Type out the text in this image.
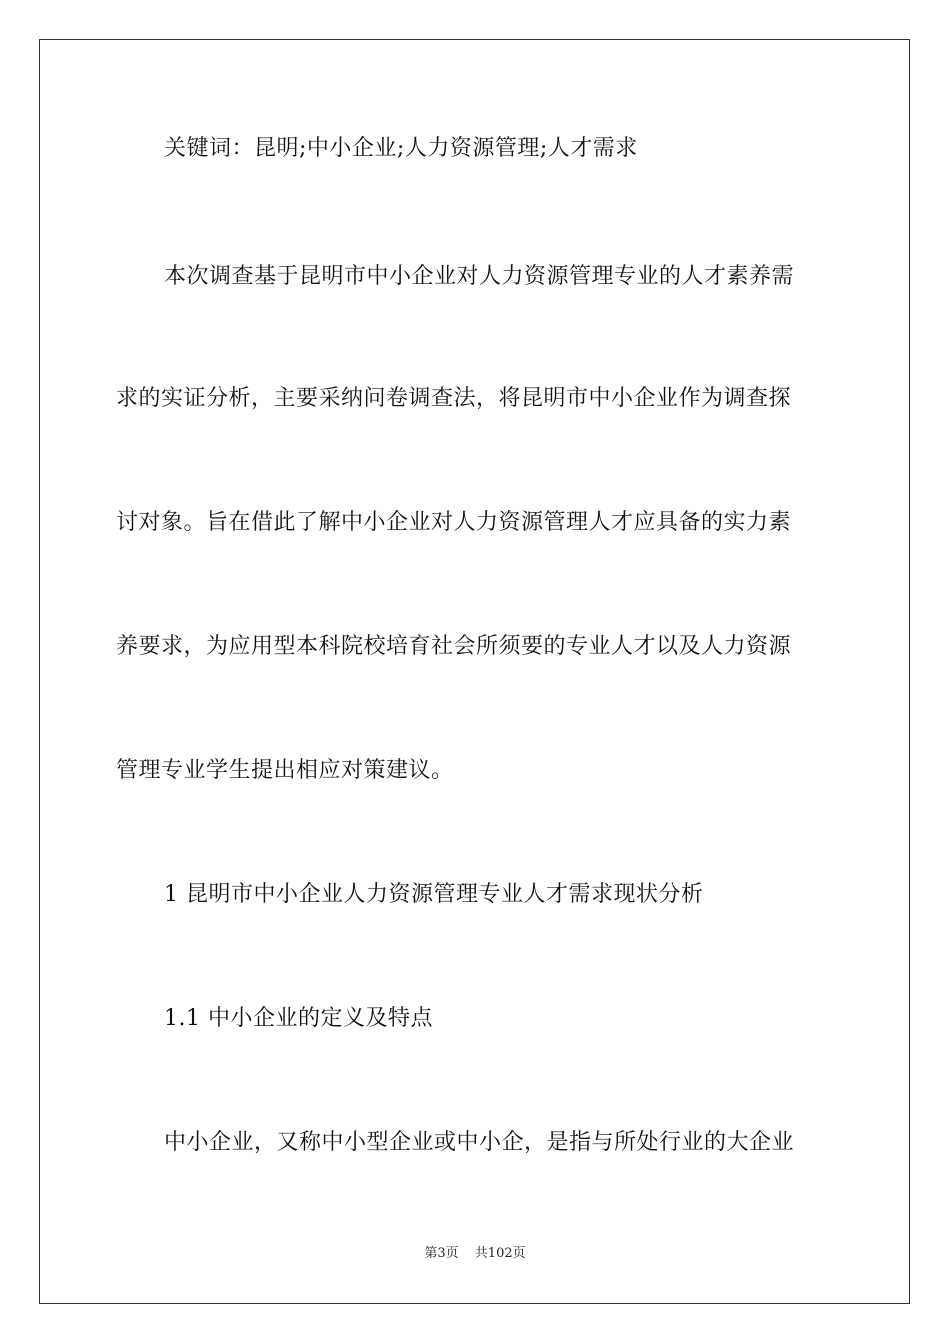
关键词：昆明;中小企业;人力资源管理;人才需求
本次调查基于昆明市中小企业对人力资源管理专业的人才素养需
求的实证分析，主要采纳问卷调查法，将昆明市中小企业作为调查探
讨对象。旨在借此了解中小企业对人力资源管理人才应具备的实力素
养要求，为应用型本科院校培育社会所须要的专业人才以及人力资源
管理专业学生提出相应对策建议。
1 昆明市中小企业人力资源管理专业人才需求现状分析
1.1 中小企业的定义及特点
中小企业，又称中小型企业或中小企，是指与所处行业的大企业
第3页 共102页
